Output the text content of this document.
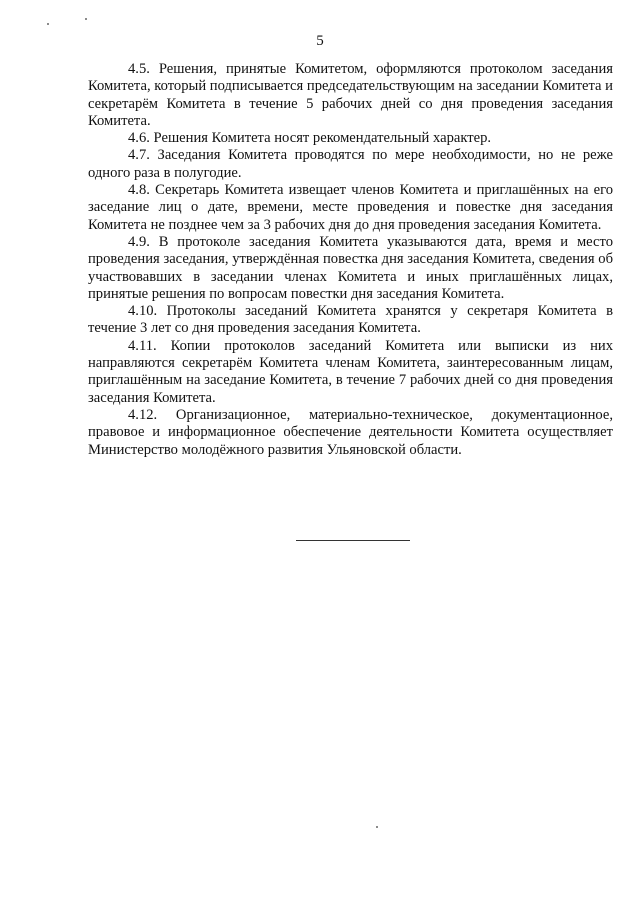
5

4.5. Решения, принятые Комитетом, оформляются протоколом заседания Комитета, который подписывается председательствующим на заседании Комитета и секретарём Комитета в течение 5 рабочих дней со дня проведения заседания Комитета.

4.6. Решения Комитета носят рекомендательный характер.

4.7. Заседания Комитета проводятся по мере необходимости, но не реже одного раза в полугодие.

4.8. Секретарь Комитета извещает членов Комитета и приглашённых на его заседание лиц о дате, времени, месте проведения и повестке дня заседания Комитета не позднее чем за 3 рабочих дня до дня проведения заседания Комитета.

4.9. В протоколе заседания Комитета указываются дата, время и место проведения заседания, утверждённая повестка дня заседания Комитета, сведения об участвовавших в заседании членах Комитета и иных приглашённых лицах, принятые решения по вопросам повестки дня заседания Комитета.

4.10. Протоколы заседаний Комитета хранятся у секретаря Комитета в течение 3 лет со дня проведения заседания Комитета.

4.11. Копии протоколов заседаний Комитета или выписки из них направляются секретарём Комитета членам Комитета, заинтересованным лицам, приглашённым на заседание Комитета, в течение 7 рабочих дней со дня проведения заседания Комитета.

4.12. Организационное, материально-техническое, документационное, правовое и информационное обеспечение деятельности Комитета осуществляет Министерство молодёжного развития Ульяновской области.
